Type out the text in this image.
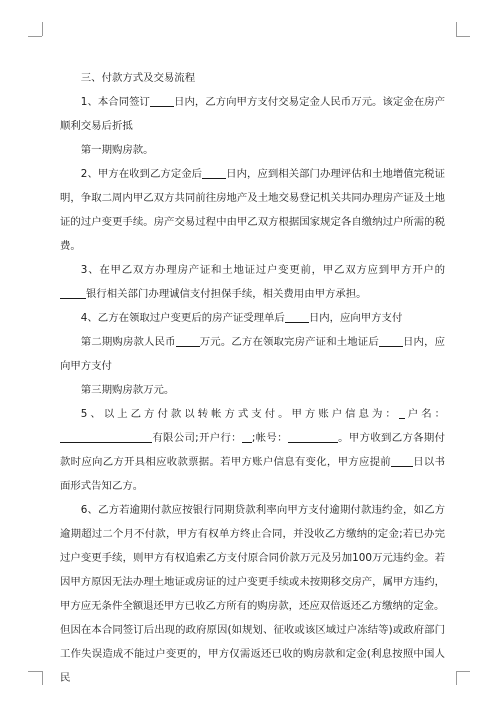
三、付款方式及交易流程

1、本合同签订 日内，乙方向甲方支付交易定金人民币万元。该定金在房产顺利交易后折抵

第一期购房款。

2、甲方在收到乙方定金后 日内，应到相关部门办理评估和土地增值完税证明，争取二周内甲乙双方共同前往房地产及土地交易登记机关共同办理房产证及土地证的过户变更手续。房产交易过程中由甲乙双方根据国家规定各自缴纳过户所需的税费。

3、在甲乙双方办理房产证和土地证过户变更前，甲乙双方应到甲方开户的银行相关部门办理诚信支付担保手续，相关费用由甲方承担。

4、乙方在领取过户变更后的房产证受理单后 日内，应向甲方支付

第二期购房款人民币 万元。乙方在领取完房产证和土地证后 日内，应向甲方支付

第三期购房款万元。

5、以上乙方付款以转帐方式支付。甲方账户信息为： 户名：有限公司;开户行： ;帐号：	。甲方收到乙方各期付款时应向乙方开具相应收款票据。若甲方账户信息有变化，甲方应提前 日以书面形式告知乙方。

6、乙方若逾期付款应按银行同期贷款利率向甲方支付逾期付款违约金，如乙方逾期超过二个月不付款，甲方有权单方终止合同，并没收乙方缴纳的定金;若已办完过户变更手续，则甲方有权追索乙方支付原合同价款万元及另加100万元违约金。若因甲方原因无法办理土地证或房证的过户变更手续或未按期移交房产，属甲方违约，甲方应无条件全额退还甲方已收乙方所有的购房款，还应双倍返还乙方缴纳的定金。

但因在本合同签订后出现的政府原因(如规划、征收或该区域过户冻结等)或政府部门工作失误造成不能过户变更的，甲方仅需返还已收的购房款和定金(利息按照中国人民
